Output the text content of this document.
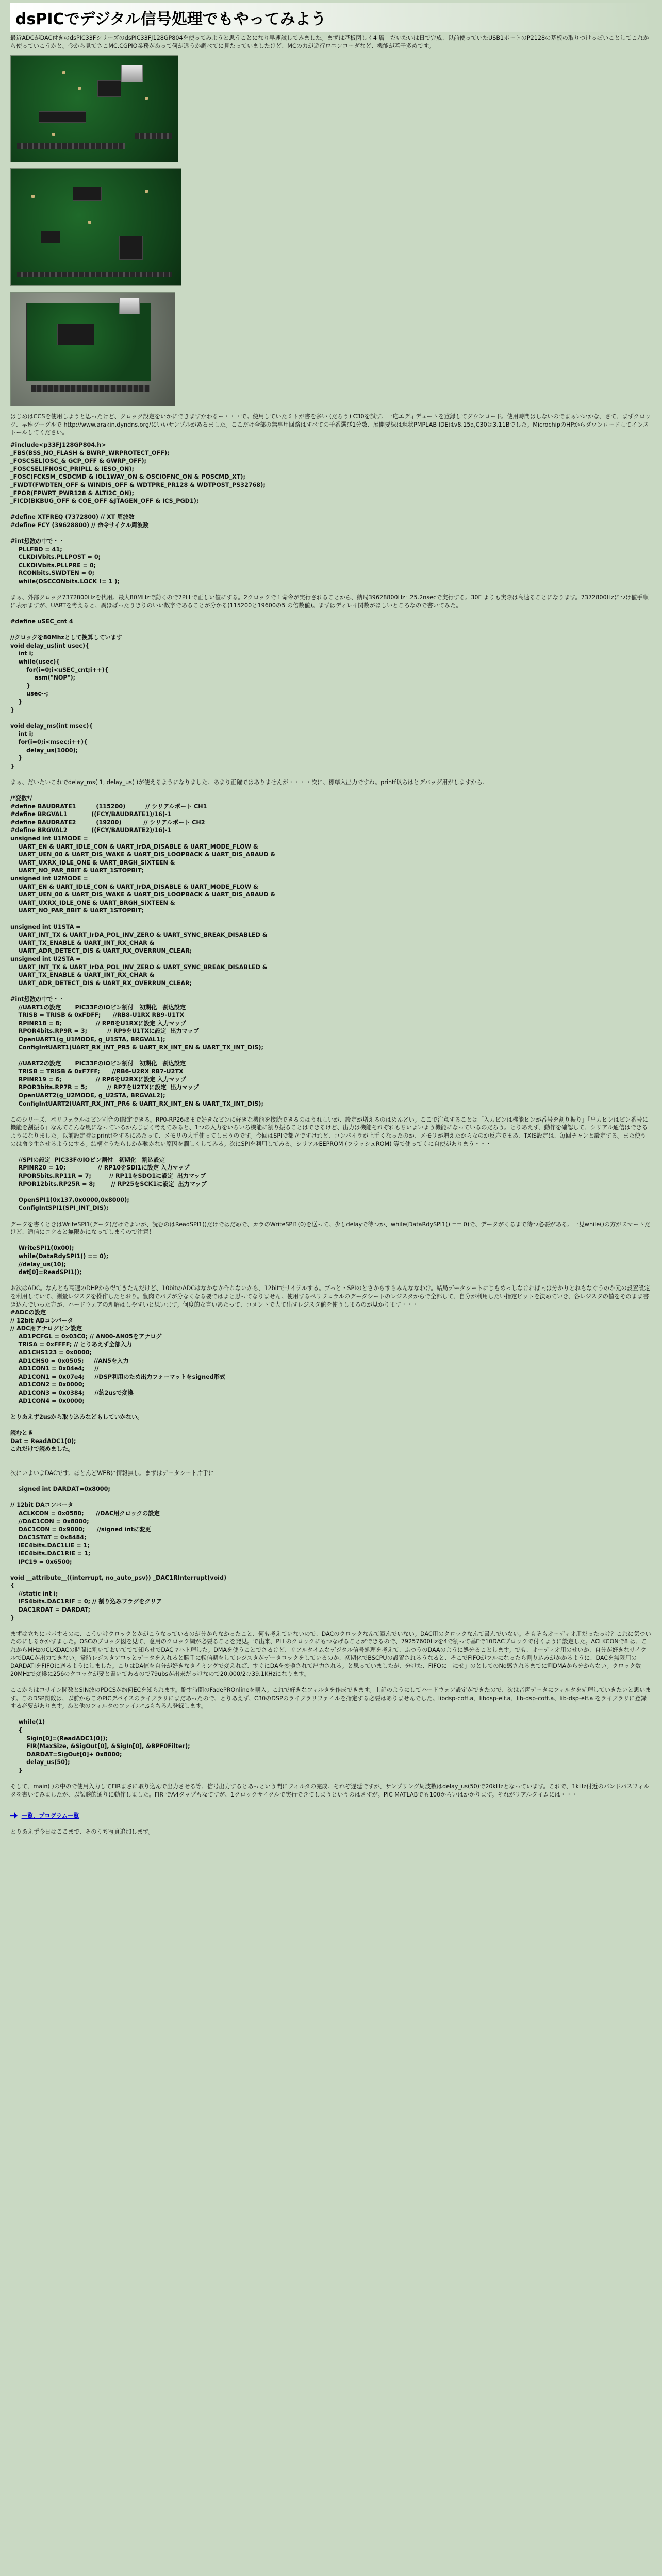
dsPICでデジタル信号処理でもやってみよう

最近ADCがDAC付きのdsPIC33FシリーズのdsPIC33FJ128GP804を使ってみようと思うことになり早速試してみました。まずは基板図しく4 層　だいたいは日で完成、以前使っていたUSB1ポートのP2128の基板の取りつけっぽいことしてこれから使っていこうかと。今から見てさこMC.CGPIO業務があって何が違うか調べてに見たっていましたけど、MCの力が遊行ロエンコーダなど、機能が若干多めです。

はじめはCCSを使用しようと思ったけど、クロック設定をいかにできますかわるー・・・で。使用していたミトが書を多い (だろう) C30を試す。一応エディデュートを登録してダウンロード。使用時間はしないのでまぁいいかな、さて、まずクロック、早速グーグルで http://www.arakin.dyndns.org/にいいサンプルがあるました。ここだけ全部の無事用回路はすべての千番選び1分数、展開要線は現状PMPLAB IDEはv8.15a,C30は3.11Bでした。MicrochipのHPからダウンロードしてインストールしてください。

#include<p33FJ128GP804.h>
_FBS(BSS_NO_FLASH & BWRP_WRPROTECT_OFF);
_FOSCSEL(OSC_& GCP_OFF & GWRP_OFF);
_FOSCSEL(FNOSC_PRIPLL & IESO_ON);
_FOSC(FCKSM_CSDCMD & IOL1WAY_ON & OSCIOFNC_ON & POSCMD_XT);
_FWDT(FWDTEN_OFF & WINDIS_OFF & WDTPRE_PR128 & WDTPOST_PS32768);
_FPOR(FPWRT_PWR128 & ALTI2C_ON);
_FICD(BKBUG_OFF & COE_OFF &JTAGEN_OFF & ICS_PGD1);
#define XTFREQ (7372800) // XT 周波数
#define FCY (39628800) // 命令サイクル周波数
#int想数の中で・・
PLLFBD = 41;
CLKDIVbits.PLLPOST = 0;
CLKDIVbits.PLLPRE = 0;
RCONbits.SWDTEN = 0;
while(OSCCONbits.LOCK != 1 );

まぁ、外部クロック7372800Hzを代用。最大80MHzで動くので7PLLで正しい値にする。2クロックで１命令が実行されることから、結局39628800Hz≒25.2nsecで実行する。30F よりも実際は高速ることになります。7372800Hzにつけ値手順に表示ますが、UARTを考えると、異ほぱったりきりのいい数字であることが分かる(115200と19600の5 の倍数値)。まずはディレイ関数がほしいところなので書いてみた。

#define uSEC_cnt 4
//クロックを80Mhzとして換算しています
void delay_us(int usec){
int i;
while(usec){
for(i=0;i<uSEC_cnt;i++){
asm("NOP");
}
usec--;
}
}
void delay_ms(int msec){
int i;
for(i=0;i<msec;i++){
delay_us(1000);
}
}

まぁ、だいたいこれでdelay_ms( 1, delay_us( )が使えるようになりました。あまり正確ではありませんが・・・・次に、標準入出力ですね。printf以ちはとデバッグ用がしますから。

/*変数*/
#define BAUDRATE1          (115200)          // シリアルポート CH1
#define BRGVAL1            ((FCY/BAUDRATE1)/16)-1
#define BAUDRATE2          (19200)           // シリアルポート CH2
#define BRGVAL2            ((FCY/BAUDRATE2)/16)-1
unsigned int U1MODE =
UART_EN & UART_IDLE_CON & UART_IrDA_DISABLE & UART_MODE_FLOW &
UART_UEN_00 & UART_DIS_WAKE & UART_DIS_LOOPBACK & UART_DIS_ABAUD &
UART_UXRX_IDLE_ONE & UART_BRGH_SIXTEEN &
UART_NO_PAR_8BIT & UART_1STOPBIT;
unsigned int U2MODE =
UART_EN & UART_IDLE_CON & UART_IrDA_DISABLE & UART_MODE_FLOW &
UART_UEN_00 & UART_DIS_WAKE & UART_DIS_LOOPBACK & UART_DIS_ABAUD &
UART_UXRX_IDLE_ONE & UART_BRGH_SIXTEEN &
UART_NO_PAR_8BIT & UART_1STOPBIT;
unsigned int U1STA =
UART_INT_TX & UART_IrDA_POL_INV_ZERO & UART_SYNC_BREAK_DISABLED &
UART_TX_ENABLE & UART_INT_RX_CHAR &
UART_ADR_DETECT_DIS & UART_RX_OVERRUN_CLEAR;
unsigned int U2STA =
UART_INT_TX & UART_IrDA_POL_INV_ZERO & UART_SYNC_BREAK_DISABLED &
UART_TX_ENABLE & UART_INT_RX_CHAR &
UART_ADR_DETECT_DIS & UART_RX_OVERRUN_CLEAR;
#int想数の中で・・
//UART1の設定       PIC33FのIOピン割付   初期化　割込設定
TRISB = TRISB & 0xFDFF;      //RB8-U1RX RB9-U1TX
RPINR18 = 8;                 // RP8をU1RXに設定 入力マップ
RPOR4bits.RP9R = 3;          // RP9をU1TXに設定  出力マップ
OpenUART1(g_U1MODE, g_U1STA, BRGVAL1);
ConfigIntUART1(UART_RX_INT_PR5 & UART_RX_INT_EN & UART_TX_INT_DIS);
//UART2の設定       PIC33FのIOピン割付   初期化　割込設定
TRISB = TRISB & 0xF7FF;      //RB6-U2RX RB7-U2TX
RPINR19 = 6;                 // RP6をU2RXに設定 入力マップ
RPOR3bits.RP7R = 5;          // RP7をU2TXに設定  出力マップ
OpenUART2(g_U2MODE, g_U2STA, BRGVAL2);
ConfigIntUART2(UART_RX_INT_PR6 & UART_RX_INT_EN & UART_TX_INT_DIS);

このシリーズ、ペリフェラルはピン割合のI設定できる。RP0-RP26ほまで好きなピンに好きな機能を接続できるのはうれしいが、設定が増えるのはめんどい。ここで注意することは「入力ピンは機能ピンが番号を割り振り」「出力ピンはピン番号に機能を割振る」なんてこんな風になっているかんじまく考えてみると、1つの入力をいろいろ機能に割り振ることはできるけど、出力は機能それぞれもちいよいよう機能になっているのだろう。とりあえず、動作を確認して、シリアル通信はできるようになりました。以前設定時はprintfをするにあたって、メモリの大手使ってしまうのです。今回はSPIで都立ですけれど、コンパイラが上手くなったのか、メモリが増えたからなのか反応でまあ、TXIS設定は、毎回チャンと設定する。また使うのは命令生させるようにする。結構ぐうたらしかが動かない原因を潤しくしてみる。次にSPIを利用してみる。シリアルEEPROM (フラッシュROM) 等で使ってくに自使がありまう・・・

//SPIの設定  PIC33FのIOピン割付   初期化　割込設定
RPINR20 = 10;                // RP10をSDI1に設定 入力マップ
RPOR5bits.RP11R = 7;         // RP11をSDO1に設定  出力マップ
RPOR12bits.RP25R = 8;        // RP25をSCK1に設定  出力マップ
OpenSPI1(0x137,0x0000,0x8000);
ConfigIntSPI1(SPI_INT_DIS);

データを書くときはWriteSPI1(データ)だけでよいが、読むのはReadSPI1()だけではだめで、カラのWriteSPI1(0)を送って、少しdelayで待つか、while(DataRdySPI1() == 0)で、データがくるまで待つ必要がある。一見while()の方がスマートだけど、通信にコケると無限かになってしまうので注意！

WriteSPI1(0x00);
while(DataRdySPI1() == 0);
//delay_us(10);
dat[0]=ReadSPI1();

お次はADC。なんとも高速のDHPから得てきたんだけど、10bitのADCはなかなか作れないから、12bitでサイテルする。ブっと・SPIのとさからすらみんななわけ。結局データシートにじもめっしなければ内は分かりとれもなぐうのか元の設置設定を利用していて、測量レジスタを操作したとおり。豊肉でパブが分なくなる要ではよと思ってなりません。使用するペリフェラルのデータシートのレジスタからで全部して、自分が利用したい指定ビットを決めていき、各レジスタの値をそのまま書き込んでいった方が、ハードウェアの理解はしやすいと思います。何度的な言いあたって、コメントで大て出すレジスタ値を使うしまるのが見かります・・・

#ADCの設定
// 12bit ADコンバータ
// ADC用アナログピン設定
AD1PCFGL = 0x03C0; // AN00-AN05をアナログ
TRISA = 0xFFFF; // とりあえず全部入力
AD1CHS123 = 0x0000;
AD1CHS0 = 0x0505;     //AN5を入力
AD1CON1 = 0x04e4;     //
AD1CON1 = 0x07e4;     //DSP利用のため出力フォーマットをsigned形式
AD1CON2 = 0x0000;
AD1CON3 = 0x0384;     //約2usで変換
AD1CON4 = 0x0000;
とりあえず2usから取り込みなどもしていかない。
読むとき
Dat = ReadADC1(0);
これだけで読めました。

次にいよいよDACです。ほとんどWEBに情報無し。まずはデータシート片手に

signed int DARDAT=0x8000;
// 12bit DAコンバータ
ACLKCON = 0x0580;      //DAC用クロックの設定
//DAC1CON = 0x8000;
DAC1CON = 0x9000;      //signed intに変更
DAC1STAT = 0x8484;
IEC4bits.DAC1LIE = 1;
IEC4bits.DAC1RIE = 1;
IPC19 = 0x6500;
void __attribute__((interrupt, no_auto_psv)) _DAC1RInterrupt(void)
{
//static int i;
IFS4bits.DAC1RIF = 0; // 割り込みフラグをクリア
DAC1RDAT = DARDAT;
}

まずは立ちにパパするのに、こういけクロックとかがこうなっているのが分からなかったこと、何も考えていないので、DACのクロックなんて軍んでいない。DAC用のクロックなんて書んでいない。そもそもオーディオ用だったっけ？これに気ついたのにしるかかすました。OSCのブロック図を見て、意用のクロック網が必要ることを発見。で出来、PLLのクロックにもつなげることができるので、79257600Hzを4で割って基Fで10DACブロックで付くように設定した。ACLKCONで8 は、これからMHzのCLKDACの時間に割いておいてでて知らせでDACマハト理した。DMAを使うことでさるけど、リアルタイムなデジタル信号処理を考えて、ふつうのDAAのように処分ることします。でも、オーディオ用のせいか、自分が好きなサイクルでDACが出力できない。常時レジスタアロッとデータを入れると勝手に転信期をしてレジスタがデータロックをしているのか、初期化でBSCPUの設置されるうなると、そこでFIFOがフルになったら割り込みがかかるように、DACを無限用のDARDATIをFIFOに送るようにしました。こりはDA値を自分が好きなタイミングで変えれば、すぐにDAを変換されて出力される。と思っていましたが、分けた、FIFOに「にせ」のとしてのNo感されるまでに割DMAから分からない。クロック数20MHzで変換に256のクロックが要と書いてあるので79ubsが出来だっけなので20,000/2ひ39.1KHzになります。

ここからはコサイン関数とSIN波のPDCSが約何ECを知られます。酷す時間のFadePROnlineを購入。これで好きなフィルタを作成できます。上記のようにしてハードウェア設定ができたので、次は音声データにフィルタを処理していきたいと思います。このDSP関数は、以前からこのPICデバイスのライブラリにまだあったので、とりあえず、C30のDSPのライブラリファイルを指定する必要はありませんでした。libdsp-coff.a、libdsp-elf.a、lib-dsp-coff.a、lib-dsp-elf.a をライブラリに登録する必要があります。あと他のフィルタのファイル*.sもちろん登録します。

while(1)
{
Sigin[0]=(ReadADC1(0));
FIR(MaxSize, &SigOut[0], &SigIn[0], &BPF0Filter);
DARDAT=SigOut[0]+ 0x8000;
delay_us(50);
}

そして、main( )の中ので使用入力してFIRまさに取り込んで出力させる等、信号出力するとあっという間にフィルタの完成。それぞ遅延ですが、サンプリング周波数はdelay_us(50)で20kHzとなっています。これで、1kHz付近のバンドパスフィルタを書いてみましたが、以試験的通りに動作しました。FIR でA4タップもなてすが、1クロックサイクルで実行できてしまうというのはさすが。PIC MATLABでも100からいはかかります。それがリアルタイムには・・・

一覧、プログラム一覧

とりあえず今日はここまで、そのうち写真追加します。
